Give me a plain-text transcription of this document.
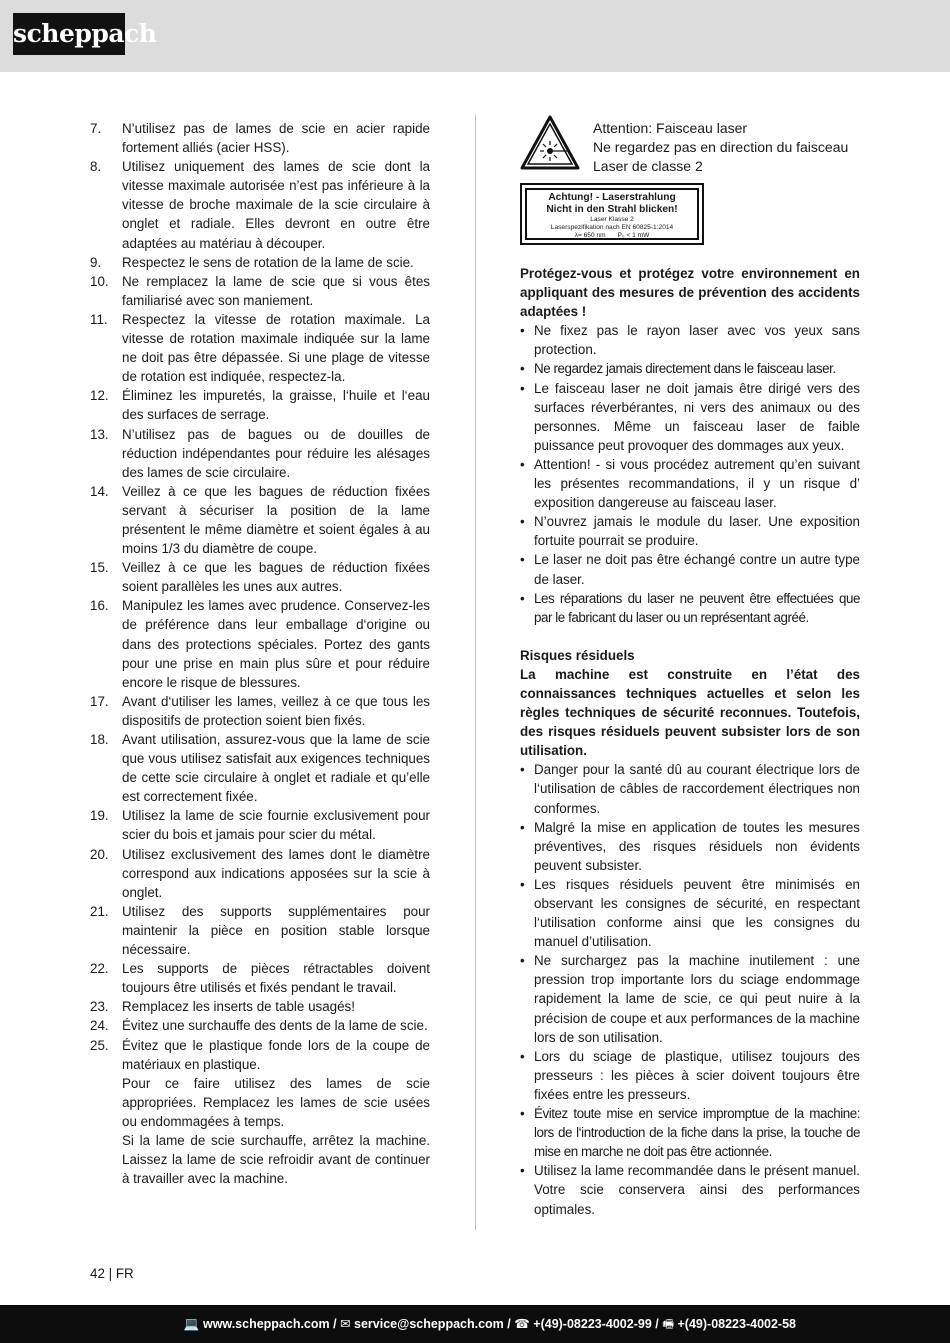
scheppach
7. N’utilisez pas de lames de scie en acier rapide fortement alliés (acier HSS).
8. Utilisez uniquement des lames de scie dont la vitesse maximale autorisée n’est pas inférieure à la vitesse de broche maximale de la scie circulaire à onglet et radiale. Elles devront en outre être adaptées au matériau à découper.
9. Respectez le sens de rotation de la lame de scie.
10. Ne remplacez la lame de scie que si vous êtes familiarisé avec son maniement.
11. Respectez la vitesse de rotation maximale. La vitesse de rotation maximale indiquée sur la lame ne doit pas être dépassée. Si une plage de vitesse de rotation est indiquée, respectez-la.
12. Éliminez les impuretés, la graisse, l‘huile et l‘eau des surfaces de serrage.
13. N’utilisez pas de bagues ou de douilles de réduction indépendantes pour réduire les alésages des lames de scie circulaire.
14. Veillez à ce que les bagues de réduction fixées servant à sécuriser la position de la lame présentent le même diamètre et soient égales à au moins 1/3 du diamètre de coupe.
15. Veillez à ce que les bagues de réduction fixées soient parallèles les unes aux autres.
16. Manipulez les lames avec prudence. Conservez-les de préférence dans leur emballage d‘origine ou dans des protections spéciales. Portez des gants pour une prise en main plus sûre et pour réduire encore le risque de blessures.
17. Avant d‘utiliser les lames, veillez à ce que tous les dispositifs de protection soient bien fixés.
18. Avant utilisation, assurez-vous que la lame de scie que vous utilisez satisfait aux exigences techniques de cette scie circulaire à onglet et radiale et qu’elle est correctement fixée.
19. Utilisez la lame de scie fournie exclusivement pour scier du bois et jamais pour scier du métal.
20. Utilisez exclusivement des lames dont le diamètre correspond aux indications apposées sur la scie à onglet.
21. Utilisez des supports supplémentaires pour maintenir la pièce en position stable lorsque nécessaire.
22. Les supports de pièces rétractables doivent toujours être utilisés et fixés pendant le travail.
23. Remplacez les inserts de table usagés!
24. Évitez une surchauffe des dents de la lame de scie.
25. Évitez que le plastique fonde lors de la coupe de matériaux en plastique.
Pour ce faire utilisez des lames de scie appropriées. Remplacez les lames de scie usées ou endommagées à temps.
Si la lame de scie surchauffe, arrêtez la machine. Laissez la lame de scie refroidir avant de continuer à travailler avec la machine.
Attention: Faisceau laser
Ne regardez pas en direction du faisceau
Laser de classe 2
Achtung! - Laserstrahlung
Nicht in den Strahl blicken!
Laser Klasse 2
Laserspezifikation nach EN 60825-1:2014
λ= 650 nm P₀ < 1 mW
Protégez-vous et protégez votre environnement en appliquant des mesures de prévention des accidents adaptées !
• Ne fixez pas le rayon laser avec vos yeux sans protection.
• Ne regardez jamais directement dans le faisceau laser.
• Le faisceau laser ne doit jamais être dirigé vers des surfaces réverbérantes, ni vers des animaux ou des personnes. Même un faisceau laser de faible puissance peut provoquer des dommages aux yeux.
• Attention! - si vous procédez autrement qu’en suivant les présentes recommandations, il y un risque d’ exposition dangereuse au faisceau laser.
• N’ouvrez jamais le module du laser. Une exposition fortuite pourrait se produire.
• Le laser ne doit pas être échangé contre un autre type de laser.
• Les réparations du laser ne peuvent être effectuées que par le fabricant du laser ou un représentant agréé.
Risques résiduels
La machine est construite en l’état des connaissances techniques actuelles et selon les règles techniques de sécurité reconnues. Toutefois, des risques résiduels peuvent subsister lors de son utilisation.
• Danger pour la santé dû au courant électrique lors de l‘utilisation de câbles de raccordement électriques non conformes.
• Malgré la mise en application de toutes les mesures préventives, des risques résiduels non évidents peuvent subsister.
• Les risques résiduels peuvent être minimisés en observant les consignes de sécurité, en respectant l‘utilisation conforme ainsi que les consignes du manuel d’utilisation.
• Ne surchargez pas la machine inutilement : une pression trop importante lors du sciage endommage rapidement la lame de scie, ce qui peut nuire à la précision de coupe et aux performances de la machine lors de son utilisation.
• Lors du sciage de plastique, utilisez toujours des presseurs : les pièces à scier doivent toujours être fixées entre les presseurs.
• Évitez toute mise en service impromptue de la machine: lors de l‘introduction de la fiche dans la prise, la touche de mise en marche ne doit pas être actionnée.
• Utilisez la lame recommandée dans le présent manuel. Votre scie conservera ainsi des performances optimales.
42 | FR
💻 www.scheppach.com / ✉ service@scheppach.com / ☎ +(49)-08223-4002-99 / 🖷 +(49)-08223-4002-58
